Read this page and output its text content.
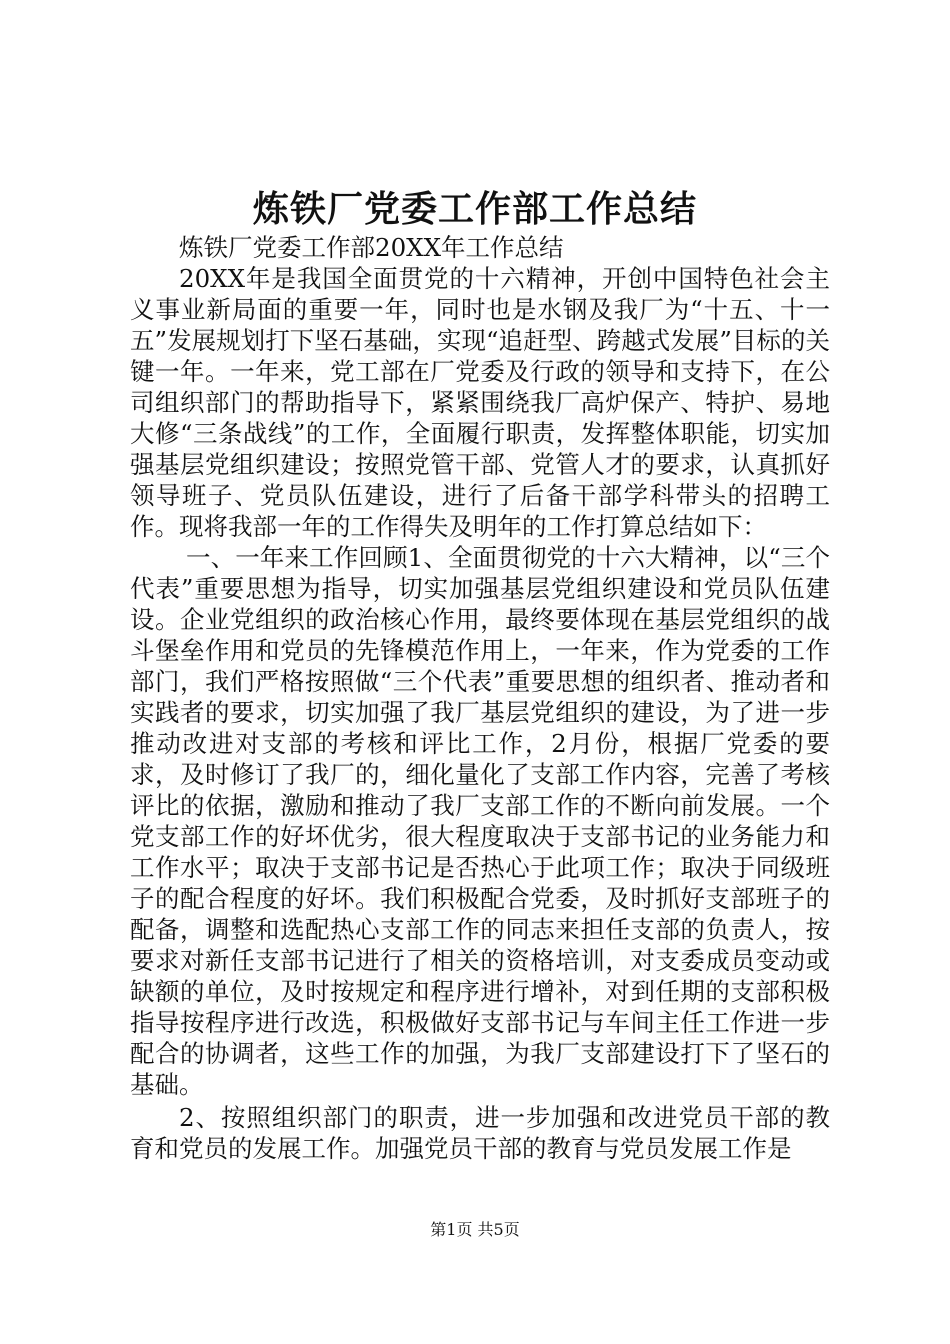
炼铁厂党委工作部工作总结

炼铁厂党委工作部20XX年工作总结

20XX年是我国全面贯党的十六精神，开创中国特色社会主义事业新局面的重要一年，同时也是水钢及我厂为“十五、十一五”发展规划打下坚石基础，实现“追赶型、跨越式发展”目标的关键一年。一年来，党工部在厂党委及行政的领导和支持下，在公司组织部门的帮助指导下，紧紧围绕我厂高炉保产、特护、易地大修“三条战线”的工作，全面履行职责，发挥整体职能，切实加强基层党组织建设；按照党管干部、党管人才的要求，认真抓好领导班子、党员队伍建设，进行了后备干部学科带头的招聘工作。现将我部一年的工作得失及明年的工作打算总结如下：

一、一年来工作回顾1、全面贯彻党的十六大精神，以“三个代表”重要思想为指导，切实加强基层党组织建设和党员队伍建设。企业党组织的政治核心作用，最终要体现在基层党组织的战斗堡垒作用和党员的先锋模范作用上，一年来，作为党委的工作部门，我们严格按照做“三个代表”重要思想的组织者、推动者和实践者的要求，切实加强了我厂基层党组织的建设，为了进一步推动改进对支部的考核和评比工作，2月份，根据厂党委的要求，及时修订了我厂的，细化量化了支部工作内容，完善了考核评比的依据，激励和推动了我厂支部工作的不断向前发展。一个党支部工作的好坏优劣，很大程度取决于支部书记的业务能力和工作水平；取决于支部书记是否热心于此项工作；取决于同级班子的配合程度的好坏。我们积极配合党委，及时抓好支部班子的配备，调整和选配热心支部工作的同志来担任支部的负责人，按要求对新任支部书记进行了相关的资格培训，对支委成员变动或缺额的单位，及时按规定和程序进行增补，对到任期的支部积极指导按程序进行改选，积极做好支部书记与车间主任工作进一步配合的协调者，这些工作的加强，为我厂支部建设打下了坚石的基础。

2、按照组织部门的职责，进一步加强和改进党员干部的教育和党员的发展工作。加强党员干部的教育与党员发展工作是

第1页 共5页
